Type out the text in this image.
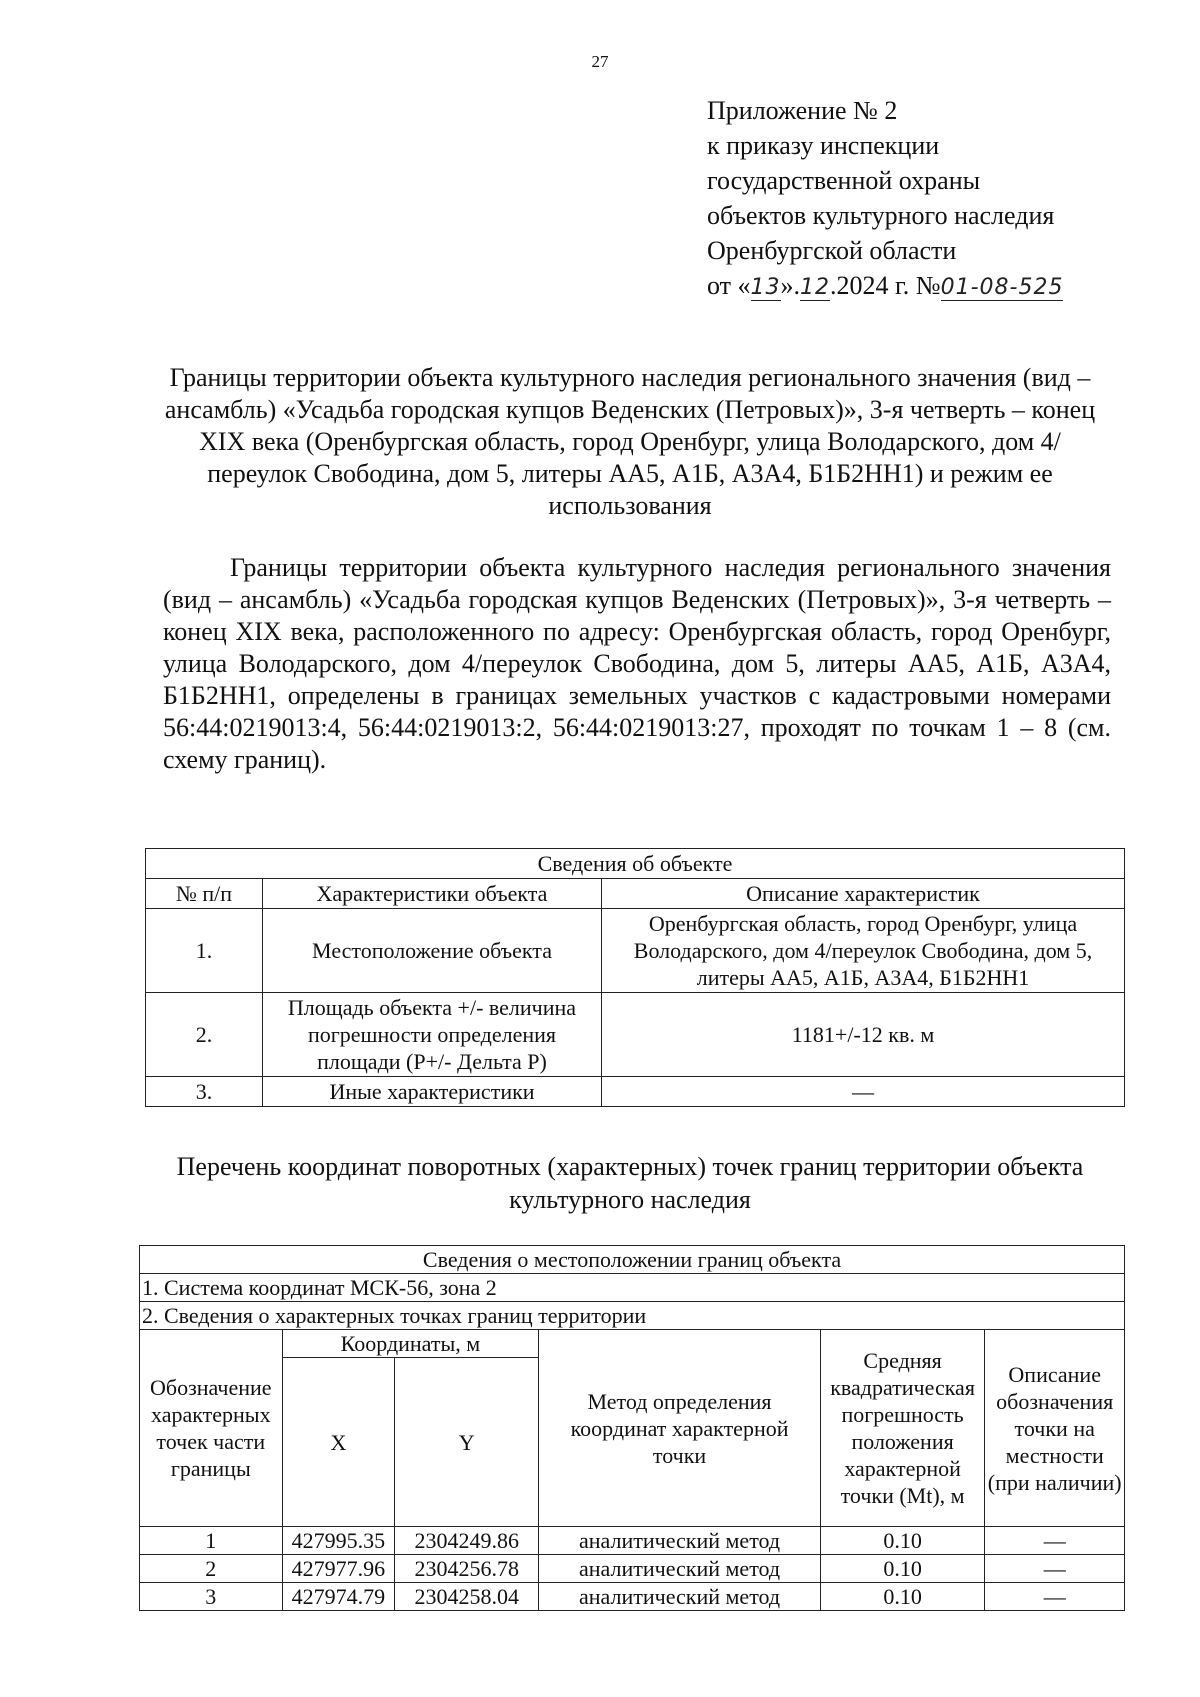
27
Приложение № 2
к приказу инспекции
государственной охраны
объектов культурного наследия
Оренбургской области
от «13».12.2024 г. №01-08-525
Границы территории объекта культурного наследия регионального значения (вид – ансамбль) «Усадьба городская купцов Веденских (Петровых)», 3-я четверть – конец XIX века (Оренбургская область, город Оренбург, улица Володарского, дом 4/переулок Свободина, дом 5, литеры АА5, А1Б, А3А4, Б1Б2НН1) и режим ее использования
Границы территории объекта культурного наследия регионального значения (вид – ансамбль) «Усадьба городская купцов Веденских (Петровых)», 3-я четверть – конец XIX века, расположенного по адресу: Оренбургская область, город Оренбург, улица Володарского, дом 4/переулок Свободина, дом 5, литеры АА5, А1Б, А3А4, Б1Б2НН1, определены в границах земельных участков с кадастровыми номерами 56:44:0219013:4, 56:44:0219013:2, 56:44:0219013:27, проходят по точкам 1 – 8 (см. схему границ).
Сведения об объекте		
№ п/п	Характеристики объекта	Описание характеристик
1.	Местоположение объекта	Оренбургская область, город Оренбург, улица Володарского, дом 4/переулок Свободина, дом 5, литеры АА5, А1Б, А3А4, Б1Б2НН1
2.	Площадь объекта +/- величина погрешности определения площади (P+/- Дельта P)	1181+/-12 кв. м
3.	Иные характеристики	—
Перечень координат поворотных (характерных) точек границ территории объекта культурного наследия
Сведения о местоположении границ объекта					
1. Система координат МСК-56, зона 2					
2. Сведения о характерных точках границ территории					
Обозначение характерных точек части границы	Координаты, м		Метод определения координат характерной точки	Средняя квадратическая погрешность положения характерной точки (Mt), м	Описание обозначения точки на местности (при наличии)
	X	Y			
1	427995.35	2304249.86	аналитический метод	0.10	—
2	427977.96	2304256.78	аналитический метод	0.10	—
3	427974.79	2304258.04	аналитический метод	0.10	—
